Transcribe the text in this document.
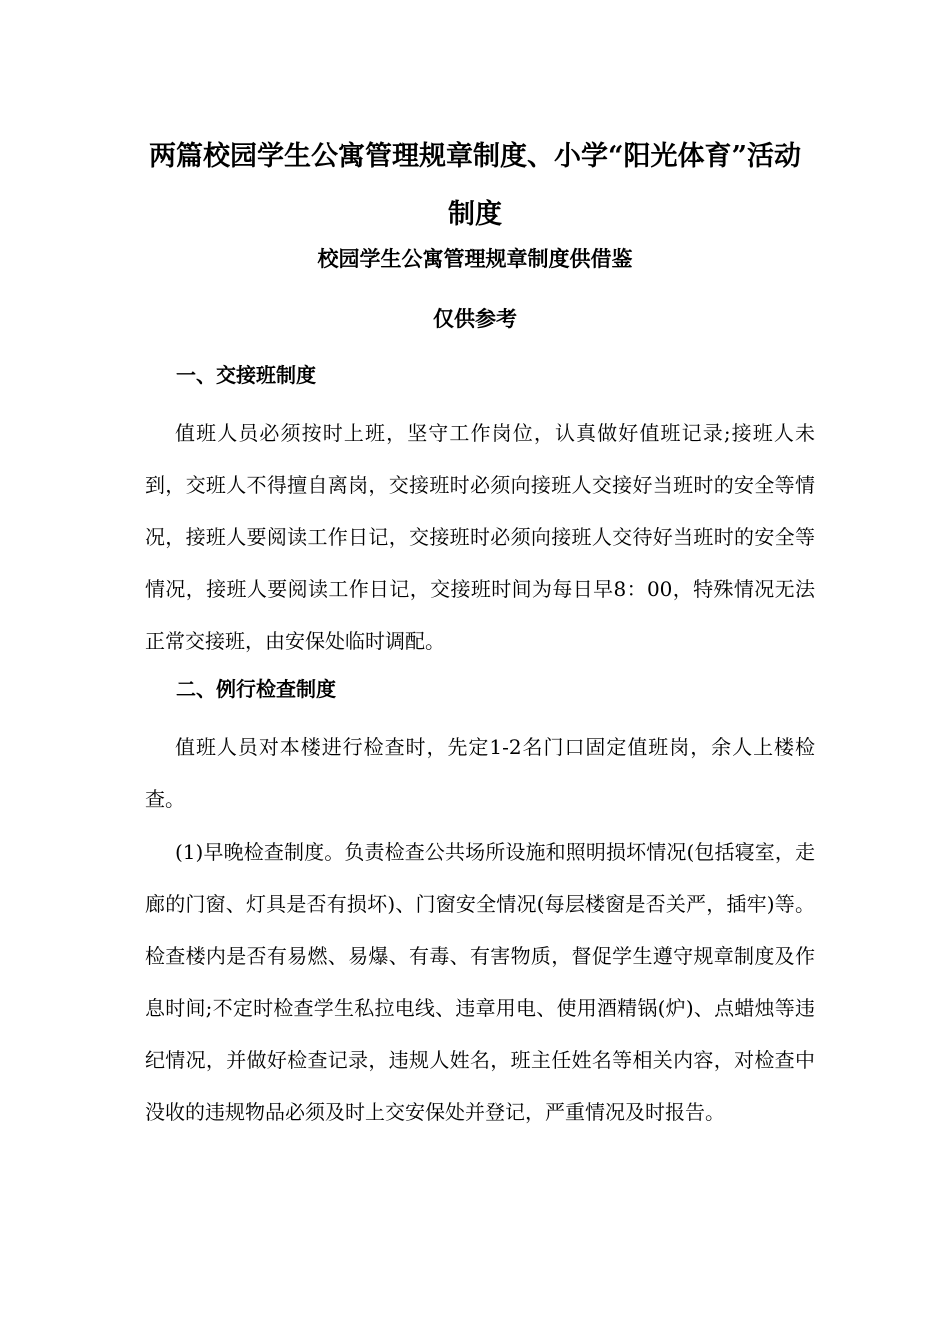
两篇校园学生公寓管理规章制度、小学“阳光体育”活动制度

校园学生公寓管理规章制度供借鉴

仅供参考

一、交接班制度

值班人员必须按时上班，坚守工作岗位，认真做好值班记录;接班人未到，交班人不得擅自离岗，交接班时必须向接班人交接好当班时的安全等情况，接班人要阅读工作日记，交接班时必须向接班人交待好当班时的安全等情况，接班人要阅读工作日记，交接班时间为每日早8：00，特殊情况无法正常交接班，由安保处临时调配。

二、例行检查制度

值班人员对本楼进行检查时，先定1-2名门口固定值班岗，余人上楼检查。

(1)早晚检查制度。负责检查公共场所设施和照明损坏情况(包括寝室，走廊的门窗、灯具是否有损坏)、门窗安全情况(每层楼窗是否关严，插牢)等。检查楼内是否有易燃、易爆、有毒、有害物质，督促学生遵守规章制度及作息时间;不定时检查学生私拉电线、违章用电、使用酒精锅(炉)、点蜡烛等违纪情况，并做好检查记录，违规人姓名，班主任姓名等相关内容，对检查中没收的违规物品必须及时上交安保处并登记，严重情况及时报告。
